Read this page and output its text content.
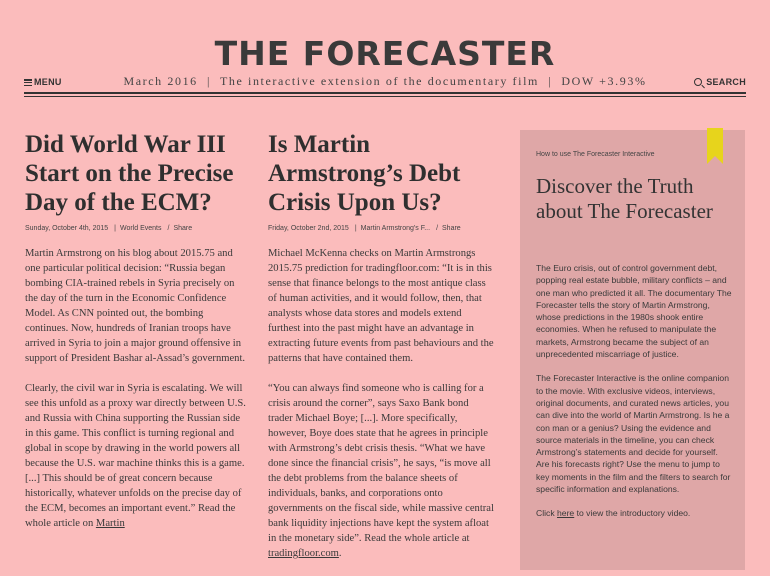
MENU
THE FORECASTER
March 2016  |  The interactive extension of the documentary film  |  DOW +3.93%	SEARCH
Did World War III Start on the Precise Day of the ECM?
Sunday, October 4th, 2015 | World Events / Share

Martin Armstrong on his blog about 2015.75 and one particular political decision: “Russia began bombing CIA-trained rebels in Syria precisely on the day of the turn in the Economic Confidence Model. As CNN pointed out, the bombing continues. Now, hundreds of Iranian troops have arrived in Syria to join a major ground offensive in support of President Bashar al-Assad’s government.

Clearly, the civil war in Syria is escalating. We will see this unfold as a proxy war directly between U.S. and Russia with China supporting the Russian side in this game. This conflict is turning regional and global in scope by drawing in the world powers all because the U.S. war machine thinks this is a game. [...] This should be of great concern because historically, whatever unfolds on the precise day of the ECM, becomes an important event.” Read the whole article on Martin

Is Martin Armstrong’s Debt Crisis Upon Us?
Friday, October 2nd, 2015 | Martin Armstrong's F... / Share

Michael McKenna checks on Martin Armstrongs 2015.75 prediction for tradingfloor.com: “It is in this sense that finance belongs to the most antique class of human activities, and it would follow, then, that analysts whose data stores and models extend furthest into the past might have an advantage in extracting future events from past behaviours and the patterns that have contained them.

“You can always find someone who is calling for a crisis around the corner”, says Saxo Bank bond trader Michael Boye; [...]. More specifically, however, Boye does state that he agrees in principle with Armstrong’s debt crisis thesis. “What we have done since the financial crisis”, he says, “is move all the debt problems from the balance sheets of individuals, banks, and corporations onto governments on the fiscal side, while massive central bank liquidity injections have kept the system afloat in the monetary side”. Read the whole article at tradingfloor.com.

How to use The Forecaster Interactive
Discover the Truth about The Forecaster

The Euro crisis, out of control government debt, popping real estate bubble, military conflicts – and one man who predicted it all. The documentary The Forecaster tells the story of Martin Armstrong, whose predictions in the 1980s shook entire economies. When he refused to manipulate the markets, Armstrong became the subject of an unprecedented miscarriage of justice.

The Forecaster Interactive is the online companion to the movie. With exclusive videos, interviews, original documents, and curated news articles, you can dive into the world of Martin Armstrong. Is he a con man or a genius? Using the evidence and source materials in the timeline, you can check Armstrong’s statements and decide for yourself. Are his forecasts right? Use the menu to jump to key moments in the film and the filters to search for specific information and explanations.

Click here to view the introductory video.
